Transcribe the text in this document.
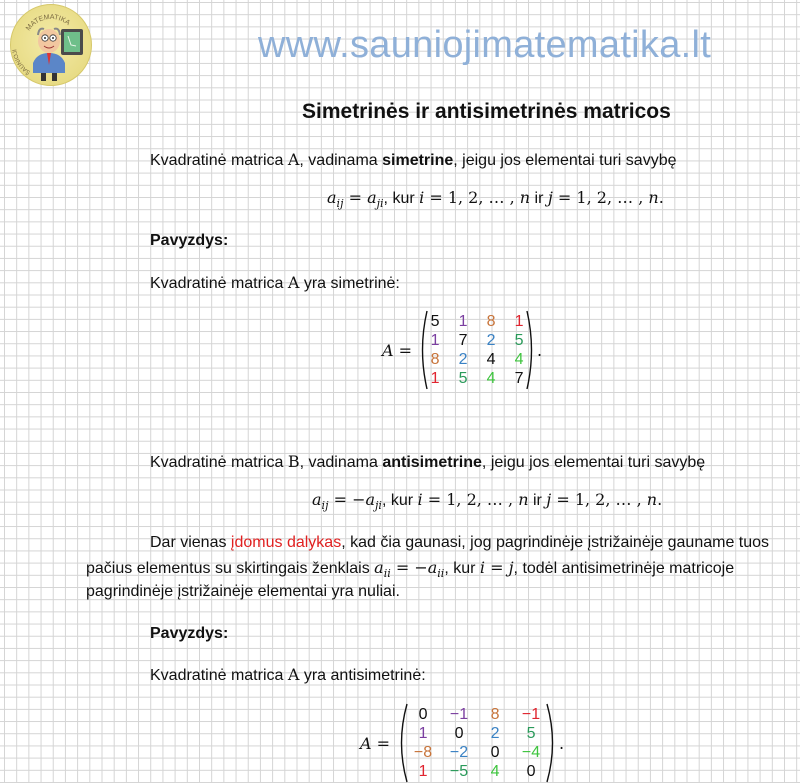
MATEMATIKA
ŠAUNIOJI	www.sauniojimatematika.lt
Simetrinės ir antisimetrinės matricos
Kvadratinė matrica A, vadinama simetrine, jeigu jos elementai turi savybę
$a_{ij} = a_{ji}$, kur i = 1, 2, … , n ir j = 1, 2, … , n.
Pavyzdys:
Kvadratinė matrica A yra simetrinė:
A =
5 1 8 1
1 7 2 5
8 2 4 4
1 5 4 7
.
Kvadratinė matrica B, vadinama antisimetrine, jeigu jos elementai turi savybę
$a_{ij} = -a_{ji}$, kur i = 1, 2, … , n ir j = 1, 2, … , n.
Dar vienas įdomus dalykas, kad čia gaunasi, jog pagrindinėje įstrižainėje gauname tuos
pačius elementus su skirtingais ženklais $a_{ii} = -a_{ii}$, kur i = j, todėl antisimetrinėje matricoje
pagrindinėje įstrižainėje elementai yra nuliai.
Pavyzdys:
Kvadratinė matrica A yra antisimetrinė:
A =
0	−1	8	−1
1	0	2	5
−8 −2	0	−4
1	−5	4	0
.
